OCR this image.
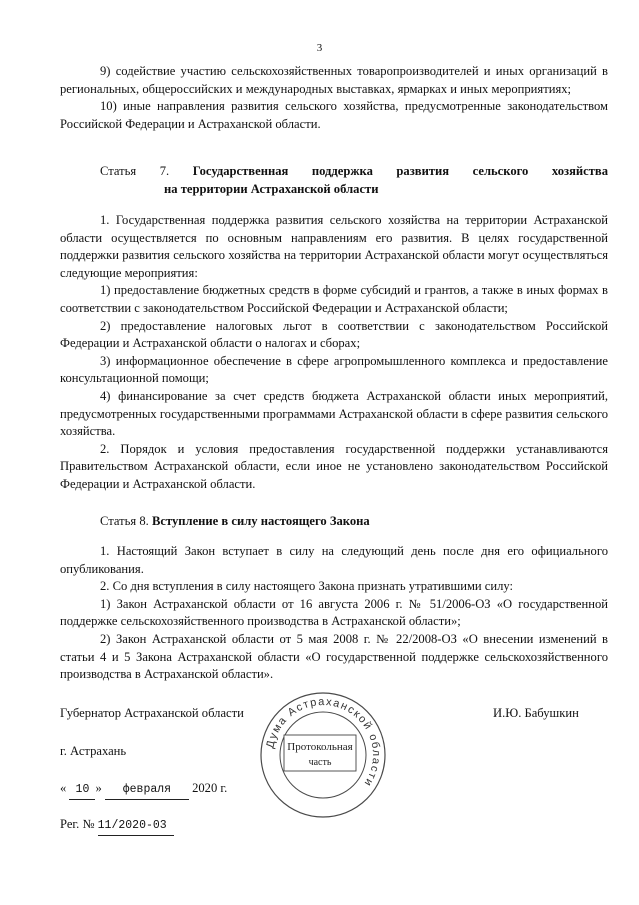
3

9) содействие участию сельскохозяйственных товаропроизводителей и иных организаций в региональных, общероссийских и международных выставках, ярмарках и иных мероприятиях;

10) иные направления развития сельского хозяйства, предусмотренные законодательством Российской Федерации и Астраханской области.

Статья 7. Государственная поддержка развития сельского хозяйства
на территории Астраханской области

1. Государственная поддержка развития сельского хозяйства на территории Астраханской области осуществляется по основным направлениям его развития. В целях государственной поддержки развития сельского хозяйства на территории Астраханской области могут осуществляться следующие мероприятия:

1) предоставление бюджетных средств в форме субсидий и грантов, а также в иных формах в соответствии с законодательством Российской Федерации и Астраханской области;

2) предоставление налоговых льгот в соответствии с законодательством Российской Федерации и Астраханской области о налогах и сборах;

3) информационное обеспечение в сфере агропромышленного комплекса и предоставление консультационной помощи;

4) финансирование за счет средств бюджета Астраханской области иных мероприятий, предусмотренных государственными программами Астраханской области в сфере развития сельского хозяйства.

2. Порядок и условия предоставления государственной поддержки устанавливаются Правительством Астраханской области, если иное не установлено законодательством Российской Федерации и Астраханской области.

Статья 8. Вступление в силу настоящего Закона

1. Настоящий Закон вступает в силу на следующий день после дня его официального опубликования.

2. Со дня вступления в силу настоящего Закона признать утратившими силу:

1) Закон Астраханской области от 16 августа 2006 г. № 51/2006-ОЗ «О государственной поддержке сельскохозяйственного производства в Астраханской области»;

2) Закон Астраханской области от 5 мая 2008 г. № 22/2008-ОЗ «О внесении изменений в статьи 4 и 5 Закона Астраханской области «О государственной поддержке сельскохозяйственного производства в Астраханской области».

Губернатор Астраханской области	И.Ю. Бабушкин
г. Астрахань
« 10 » февраля 2020 г.
Рег. № 11/2020-03
Дума Астраханской области
Протокольная
часть
